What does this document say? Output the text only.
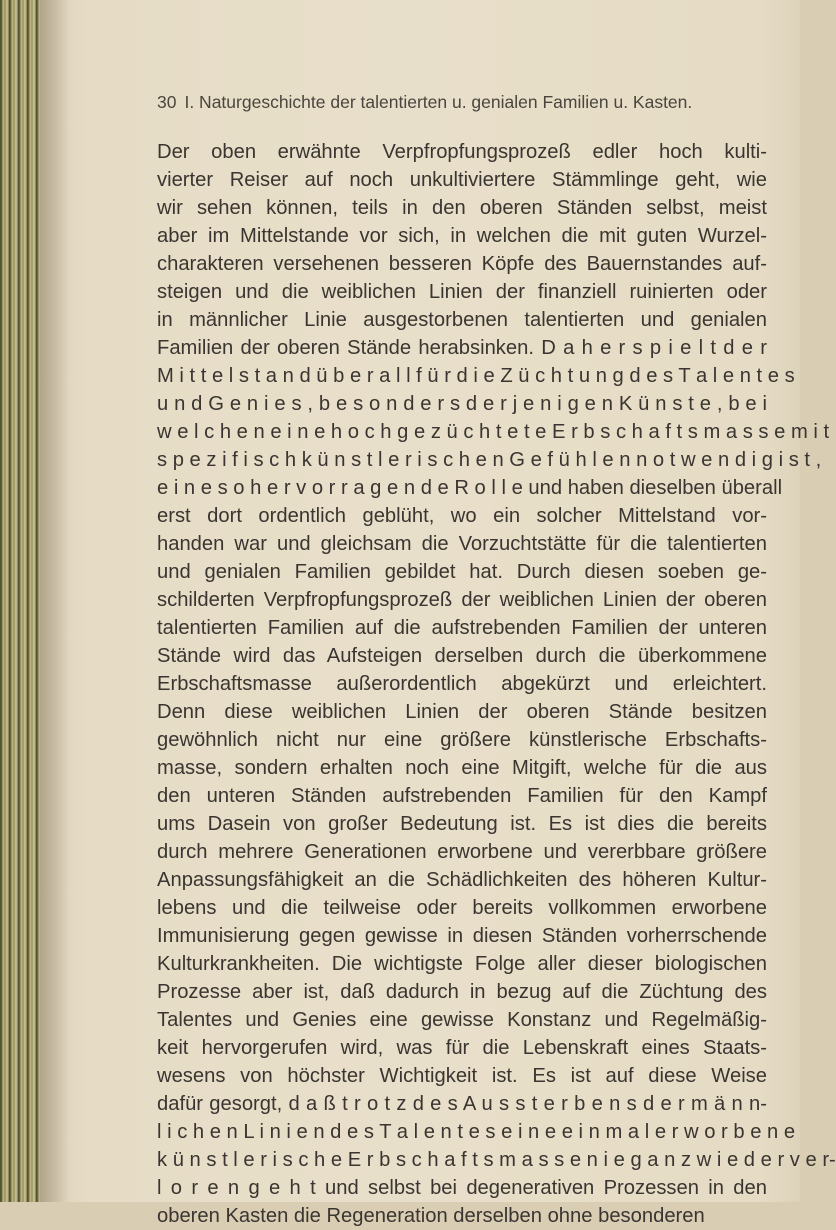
30 I. Naturgeschichte der talentierten u. genialen Familien u. Kasten.
Der oben erwähnte Verpfropfungsprozeß edler hoch kulti-
vierter Reiser auf noch unkultiviertere Stämmlinge geht, wie
wir sehen können, teils in den oberen Ständen selbst, meist
aber im Mittelstande vor sich, in welchen die mit guten Wurzel-
charakteren versehenen besseren Köpfe des Bauernstandes auf-
steigen und die weiblichen Linien der finanziell ruinierten oder
in männlicher Linie ausgestorbenen talentierten und genialen
Familien der oberen Stände herabsinken. D a h e r s p i e l t d e r
M i t t e l s t a n d ü b e r a l l f ü r d i e Z ü c h t u n g d e s T a l e n t e s
u n d G e n i e s , b e s o n d e r s d e r j e n i g e n K ü n s t e , b e i
w e l c h e n e i n e h o c h g e z ü c h t e t e E r b s c h a f t s m a s s e m i t
s p e z i f i s c h k ü n s t l e r i s c h e n G e f ü h l e n n o t w e n d i g i s t ,
e i n e s o h e r v o r r a g e n d e R o l l e und haben dieselben überall
erst dort ordentlich geblüht, wo ein solcher Mittelstand vor-
handen war und gleichsam die Vorzuchtstätte für die talentierten
und genialen Familien gebildet hat. Durch diesen soeben ge-
schilderten Verpfropfungsprozeß der weiblichen Linien der oberen
talentierten Familien auf die aufstrebenden Familien der unteren
Stände wird das Aufsteigen derselben durch die überkommene
Erbschaftsmasse außerordentlich abgekürzt und erleichtert.
Denn diese weiblichen Linien der oberen Stände besitzen
gewöhnlich nicht nur eine größere künstlerische Erbschafts-
masse, sondern erhalten noch eine Mitgift, welche für die aus
den unteren Ständen aufstrebenden Familien für den Kampf
ums Dasein von großer Bedeutung ist. Es ist dies die bereits
durch mehrere Generationen erworbene und vererbbare größere
Anpassungsfähigkeit an die Schädlichkeiten des höheren Kultur-
lebens und die teilweise oder bereits vollkommen erworbene
Immunisierung gegen gewisse in diesen Ständen vorherrschende
Kulturkrankheiten. Die wichtigste Folge aller dieser biologischen
Prozesse aber ist, daß dadurch in bezug auf die Züchtung des
Talentes und Genies eine gewisse Konstanz und Regelmäßig-
keit hervorgerufen wird, was für die Lebenskraft eines Staats-
wesens von höchster Wichtigkeit ist. Es ist auf diese Weise
dafür gesorgt, d a ß t r o t z d e s A u s s t e r b e n s d e r m ä n n-
l i c h e n L i n i e n d e s T a l e n t e s e i n e e i n m a l e r w o r b e n e
k ü n s t l e r i s c h e E r b s c h a f t s m a s s e n i e g a n z w i e d e r v e r-
l o r e n g e h t und selbst bei degenerativen Prozessen in den
oberen Kasten die Regeneration derselben ohne besonderen
